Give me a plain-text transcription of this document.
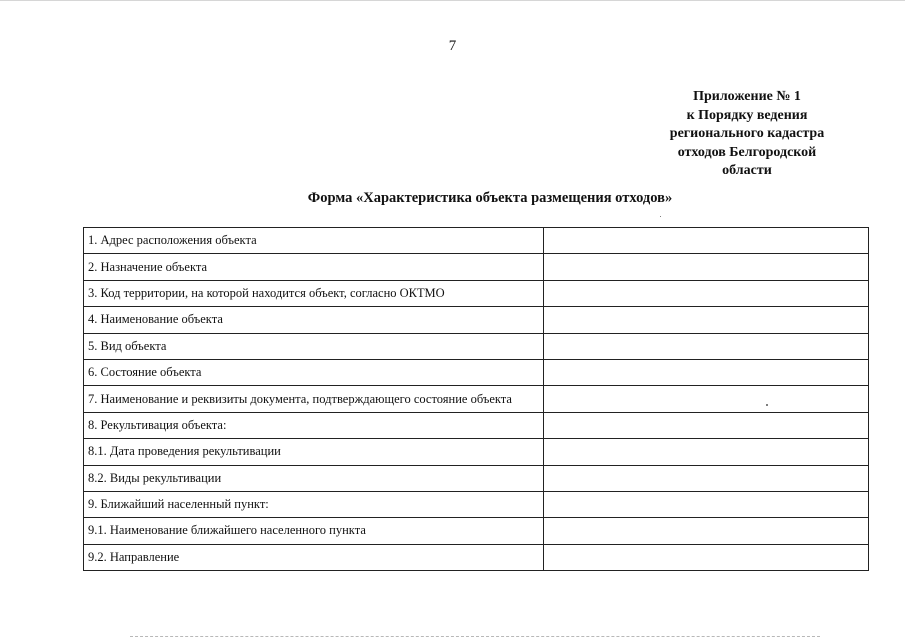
7
Приложение № 1
к Порядку ведения
регионального кадастра
отходов Белгородской
области
Форма «Характеристика объекта размещения отходов»
1. Адрес расположения объекта	
2. Назначение объекта	
3. Код территории, на которой находится объект, согласно ОКТМО	
4. Наименование объекта	
5. Вид объекта	
6. Состояние объекта	
7. Наименование и реквизиты документа, подтверждающего состояние объекта	
8. Рекультивация объекта:	
8.1. Дата проведения рекультивации	
8.2. Виды рекультивации	
9. Ближайший населенный пункт:	
9.1. Наименование ближайшего населенного пункта	
9.2. Направление	
